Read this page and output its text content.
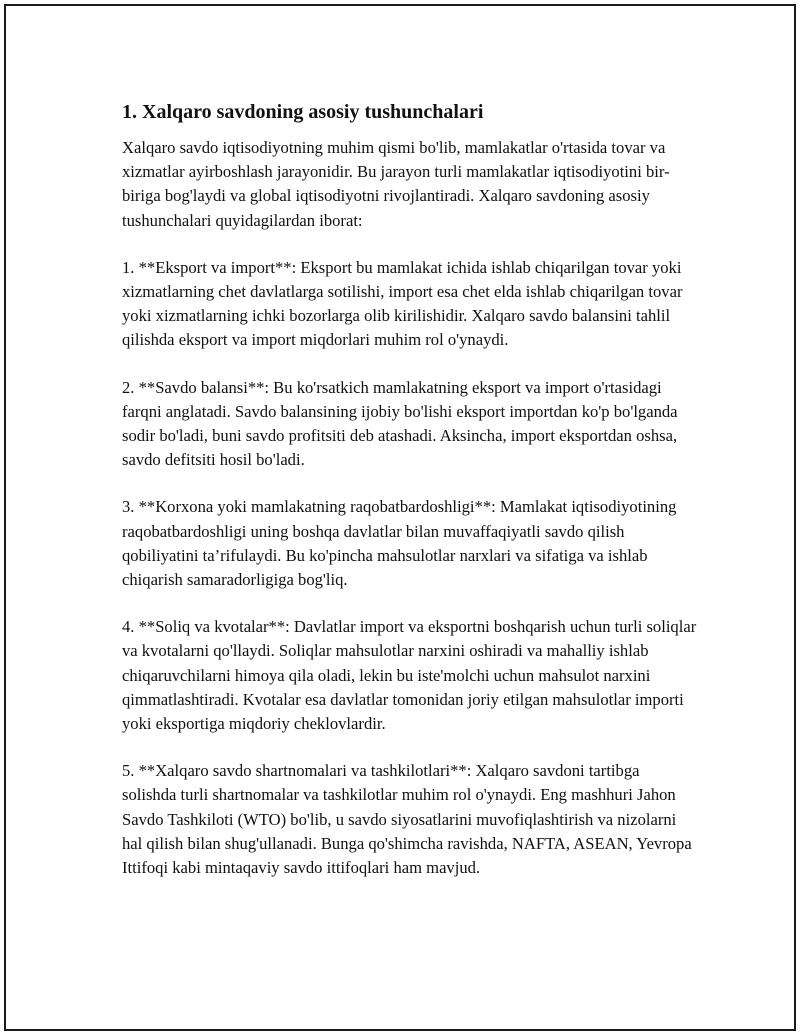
1. Xalqaro savdoning asosiy tushunchalari

Xalqaro savdo iqtisodiyotning muhim qismi bo'lib, mamlakatlar o'rtasida tovar va xizmatlar ayirboshlash jarayonidir. Bu jarayon turli mamlakatlar iqtisodiyotini bir-biriga bog'laydi va global iqtisodiyotni rivojlantiradi. Xalqaro savdoning asosiy tushunchalari quyidagilardan iborat:

1. **Eksport va import**: Eksport bu mamlakat ichida ishlab chiqarilgan tovar yoki xizmatlarning chet davlatlarga sotilishi, import esa chet elda ishlab chiqarilgan tovar yoki xizmatlarning ichki bozorlarga olib kirilishidir. Xalqaro savdo balansini tahlil qilishda eksport va import miqdorlari muhim rol o'ynaydi.

2. **Savdo balansi**: Bu ko'rsatkich mamlakatning eksport va import o'rtasidagi farqni anglatadi. Savdo balansining ijobiy bo'lishi eksport importdan ko'p bo'lganda sodir bo'ladi, buni savdo profitsiti deb atashadi. Aksincha, import eksportdan oshsa, savdo defitsiti hosil bo'ladi.

3. **Korxona yoki mamlakatning raqobatbardoshligi**: Mamlakat iqtisodiyotining raqobatbardoshligi uning boshqa davlatlar bilan muvaffaqiyatli savdo qilish qobiliyatini ta’rifulaydi. Bu ko'pincha mahsulotlar narxlari va sifatiga va ishlab chiqarish samaradorligiga bog'liq.

4. **Soliq va kvotalar**: Davlatlar import va eksportni boshqarish uchun turli soliqlar va kvotalarni qo'llaydi. Soliqlar mahsulotlar narxini oshiradi va mahalliy ishlab chiqaruvchilarni himoya qila oladi, lekin bu iste'molchi uchun mahsulot narxini qimmatlashtiradi. Kvotalar esa davlatlar tomonidan joriy etilgan mahsulotlar importi yoki eksportiga miqdoriy cheklovlardir.

5. **Xalqaro savdo shartnomalari va tashkilotlari**: Xalqaro savdoni tartibga solishda turli shartnomalar va tashkilotlar muhim rol o'ynaydi. Eng mashhuri Jahon Savdo Tashkiloti (WTO) bo'lib, u savdo siyosatlarini muvofiqlashtirish va nizolarni hal qilish bilan shug'ullanadi. Bunga qo'shimcha ravishda, NAFTA, ASEAN, Yevropa Ittifoqi kabi mintaqaviy savdo ittifoqlari ham mavjud.
